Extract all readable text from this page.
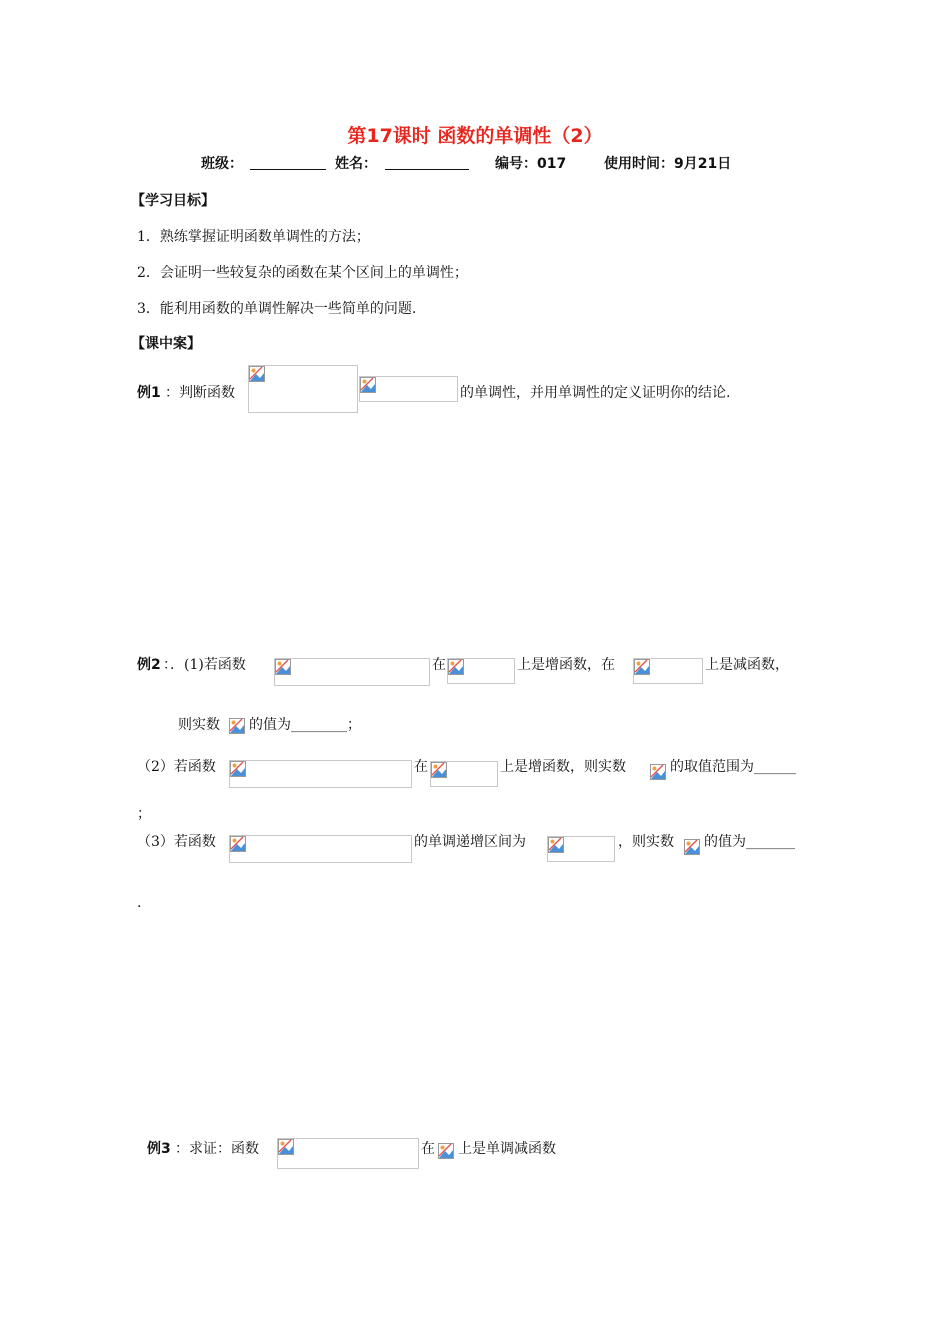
第17课时 函数的单调性（2）
班级：	姓名：	编号：017	使用时间：9月21日
【学习目标】
1．熟练掌握证明函数单调性的方法；
2．会证明一些较复杂的函数在某个区间上的单调性；
3．能利用函数的单调性解决一些简单的问题.
【课中案】
例1 ：判断函数	的单调性，并用单调性的定义证明你的结论.
例2 ：．(1)若函数	在	上是增函数，在	上是减函数，
则实数 的值为________；
（2）若函数	在	上是增函数，则实数	的取值范围为______
；
（3）若函数	的单调递增区间为	，则实数 的值为_______
.
例3 ：求证：函数	在 上是单调减函数
